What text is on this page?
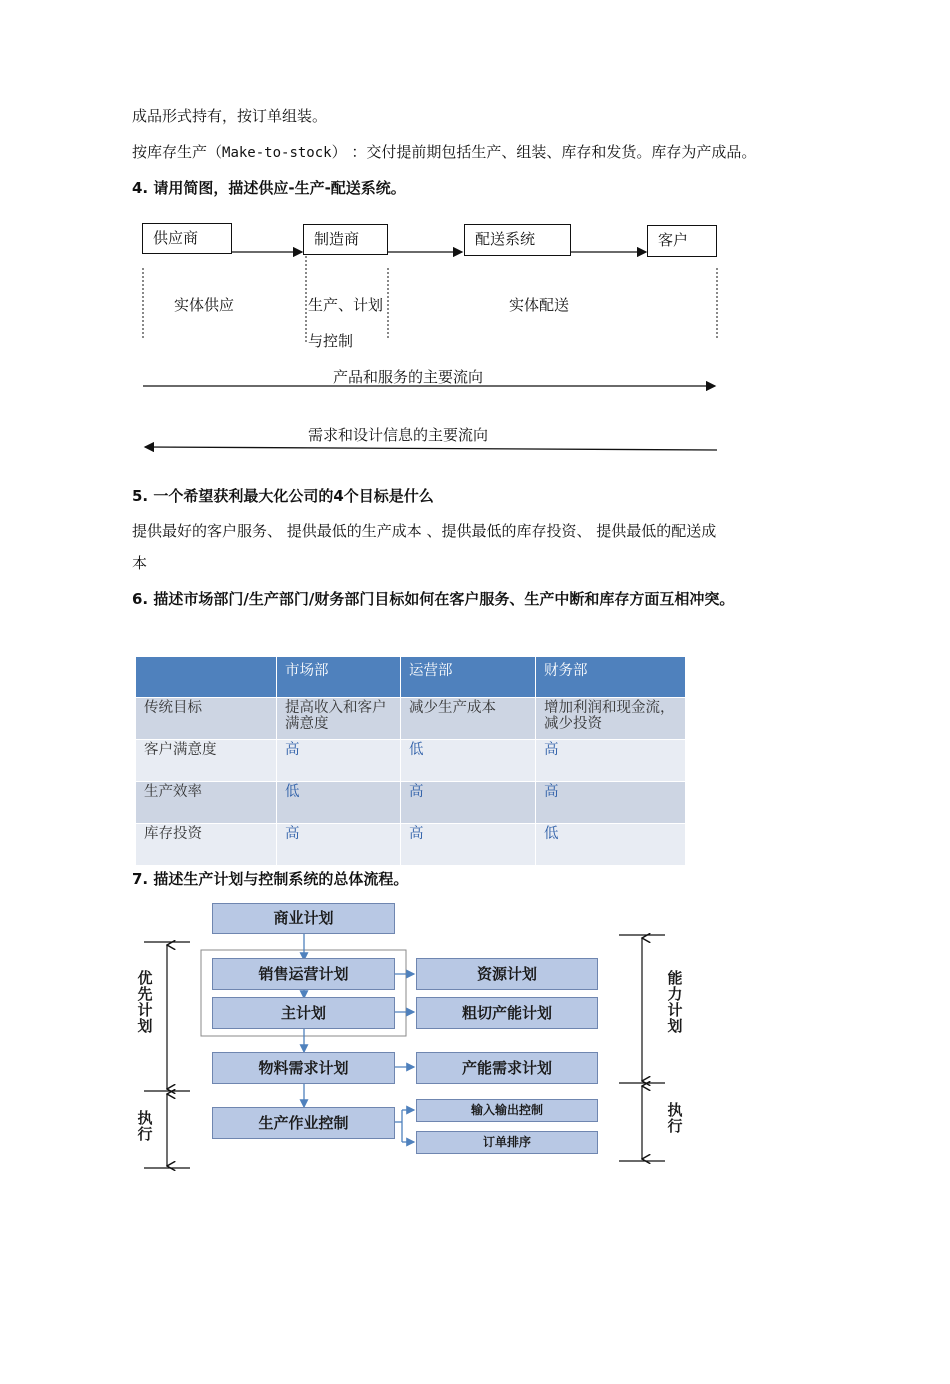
成品形式持有，按订单组装。
按库存生产（Make-to-stock） ：交付提前期包括生产、组装、库存和发货。库存为产成品。
4. 请用简图，描述供应-生产-配送系统。
供应商	制造商	配送系统	客户
实体供应	生产、计划
与控制
实体配送
产品和服务的主要流向
需求和设计信息的主要流向
5. 一个希望获利最大化公司的4个目标是什么
提供最好的客户服务、 提供最低的生产成本 、提供最低的库存投资、 提供最低的配送成
本
6. 描述市场部门/生产部门/财务部门目标如何在客户服务、生产中断和库存方面互相冲突。
	市场部	运营部	财务部
传统目标	提高收入和客户满意度	减少生产成本	增加利润和现金流，减少投资
客户满意度	高	低	高
生产效率	低	高	高
库存投资	高	高	低
7. 描述生产计划与控制系统的总体流程。
商业计划
销售运营计划
主计划
物料需求计划
生产作业控制
资源计划
粗切产能计划
产能需求计划
输入输出控制
订单排序
优先计划
执行
能力计划
执行
